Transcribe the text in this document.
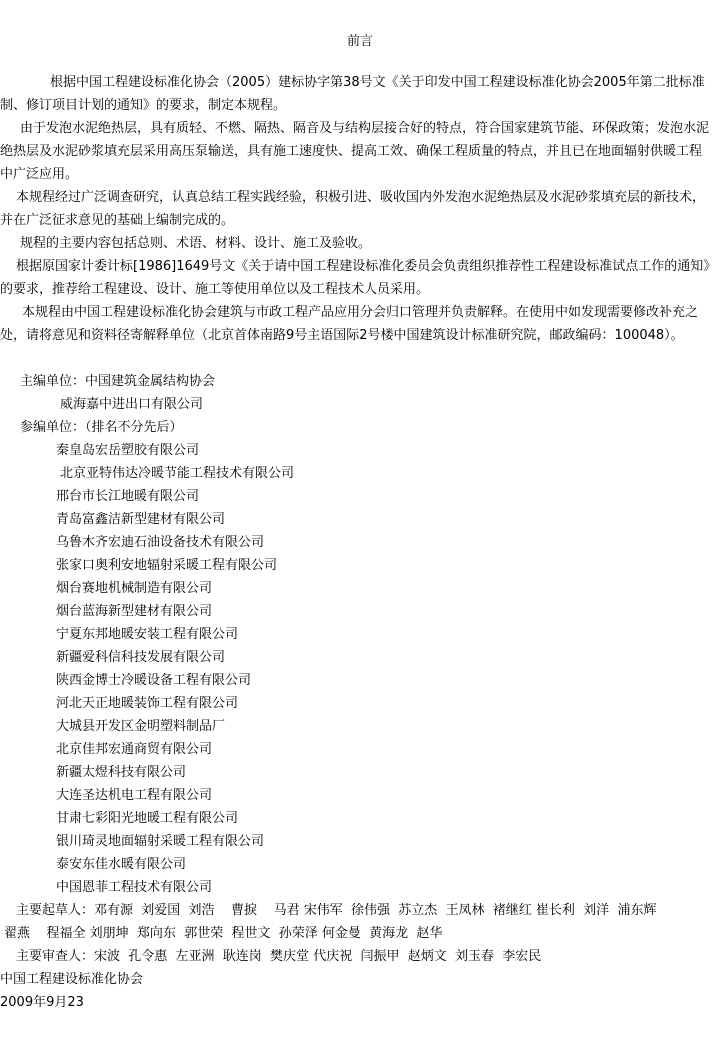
前言
根据中国工程建设标准化协会（2005）建标协字第38号文《关于印发中国工程建设标准化协会2005年第二批标准制、修订项目计划的通知》的要求，制定本规程。
由于发泡水泥绝热层，具有质轻、不燃、隔热、隔音及与结构层接合好的特点，符合国家建筑节能、环保政策；发泡水泥绝热层及水泥砂浆填充层采用高压泵输送，具有施工速度快、提高工效、确保工程质量的特点，并且已在地面辐射供暖工程中广泛应用。
本规程经过广泛调查研究，认真总结工程实践经验，积极引进、吸收国内外发泡水泥绝热层及水泥砂浆填充层的新技术，并在广泛征求意见的基础上编制完成的。
规程的主要内容包括总则、术语、材料、设计、施工及验收。
根据原国家计委计标[1986]1649号文《关于请中国工程建设标准化委员会负责组织推荐性工程建设标准试点工作的通知》的要求，推荐给工程建设、设计、施工等使用单位以及工程技术人员采用。
本规程由中国工程建设标准化协会建筑与市政工程产品应用分会归口管理并负责解释。在使用中如发现需要修改补充之处，请将意见和资料径寄解释单位（北京首体南路9号主语国际2号楼中国建筑设计标准研究院，邮政编码：100048）。
主编单位：中国建筑金属结构协会
威海嘉中进出口有限公司
参编单位：（排名不分先后）
秦皇岛宏岳塑胶有限公司
北京亚特伟达冷暖节能工程技术有限公司
邢台市长江地暖有限公司
青岛富鑫洁新型建材有限公司
乌鲁木齐宏迪石油设备技术有限公司
张家口奥利安地辐射采暖工程有限公司
烟台赛地机械制造有限公司
烟台蓝海新型建材有限公司
宁夏东邦地暖安装工程有限公司
新疆爱科信科技发展有限公司
陕西金博士冷暖设备工程有限公司
河北天正地暖装饰工程有限公司
大城县开发区金明塑料制品厂
北京佳邦宏通商贸有限公司
新疆太煜科技有限公司
大连圣达机电工程有限公司
甘肃七彩阳光地暖工程有限公司
银川琦灵地面辐射采暖工程有限公司
泰安东佳水暖有限公司
中国恩菲工程技术有限公司
主要起草人：邓有源  刘爱国  刘浩    曹捩    马君 宋伟军  徐伟强  苏立杰  王凤林  褚继红 崔长利  刘洋  浦东辉
翟燕    程福全 刘朋坤  郑向东  郭世荣  程世文  孙荣泽 何金曼  黄海龙  赵华
主要审查人：宋波  孔令惠  左亚洲  耿连岗  樊庆堂 代庆祝  闫振甲  赵炳文  刘玉春  李宏民
中国工程建设标准化协会
2009年9月23
